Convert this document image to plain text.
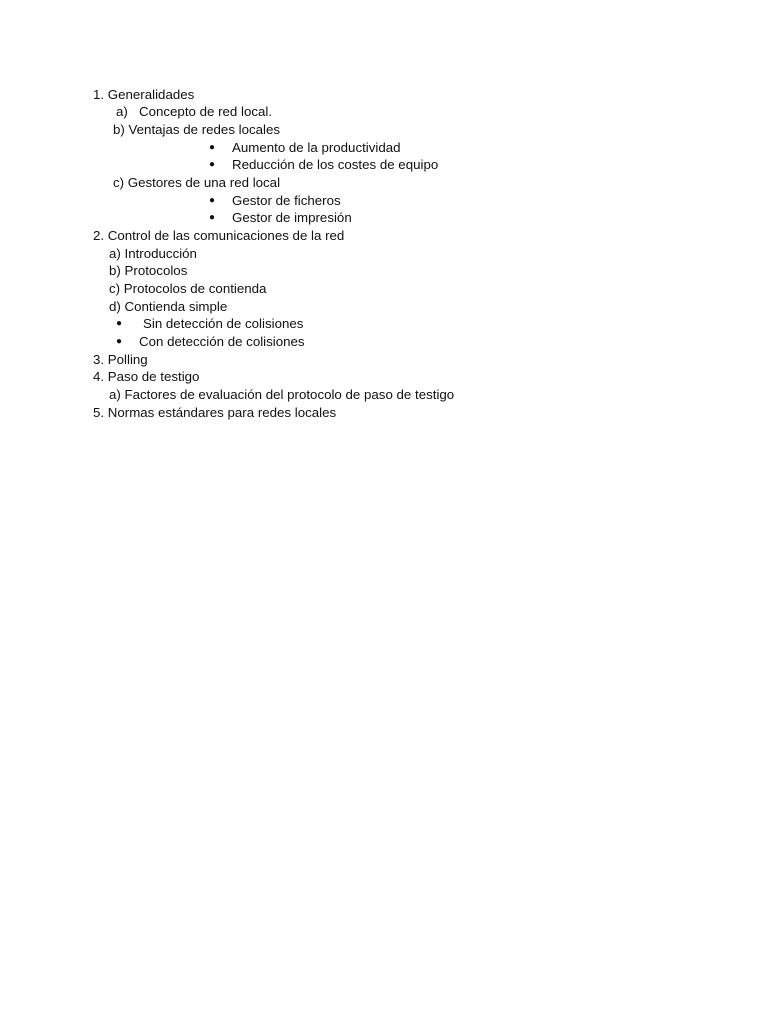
1. Generalidades
a) Concepto de red local.
b) Ventajas de redes locales
● Aumento de la productividad
● Reducción de los costes de equipo
c) Gestores de una red local
● Gestor de ficheros
● Gestor de impresión
2. Control de las comunicaciones de la red
a) Introducción
b) Protocolos
c) Protocolos de contienda
d) Contienda simple
● Sin detección de colisiones
● Con detección de colisiones
3. Polling
4. Paso de testigo
a) Factores de evaluación del protocolo de paso de testigo
5. Normas estándares para redes locales
